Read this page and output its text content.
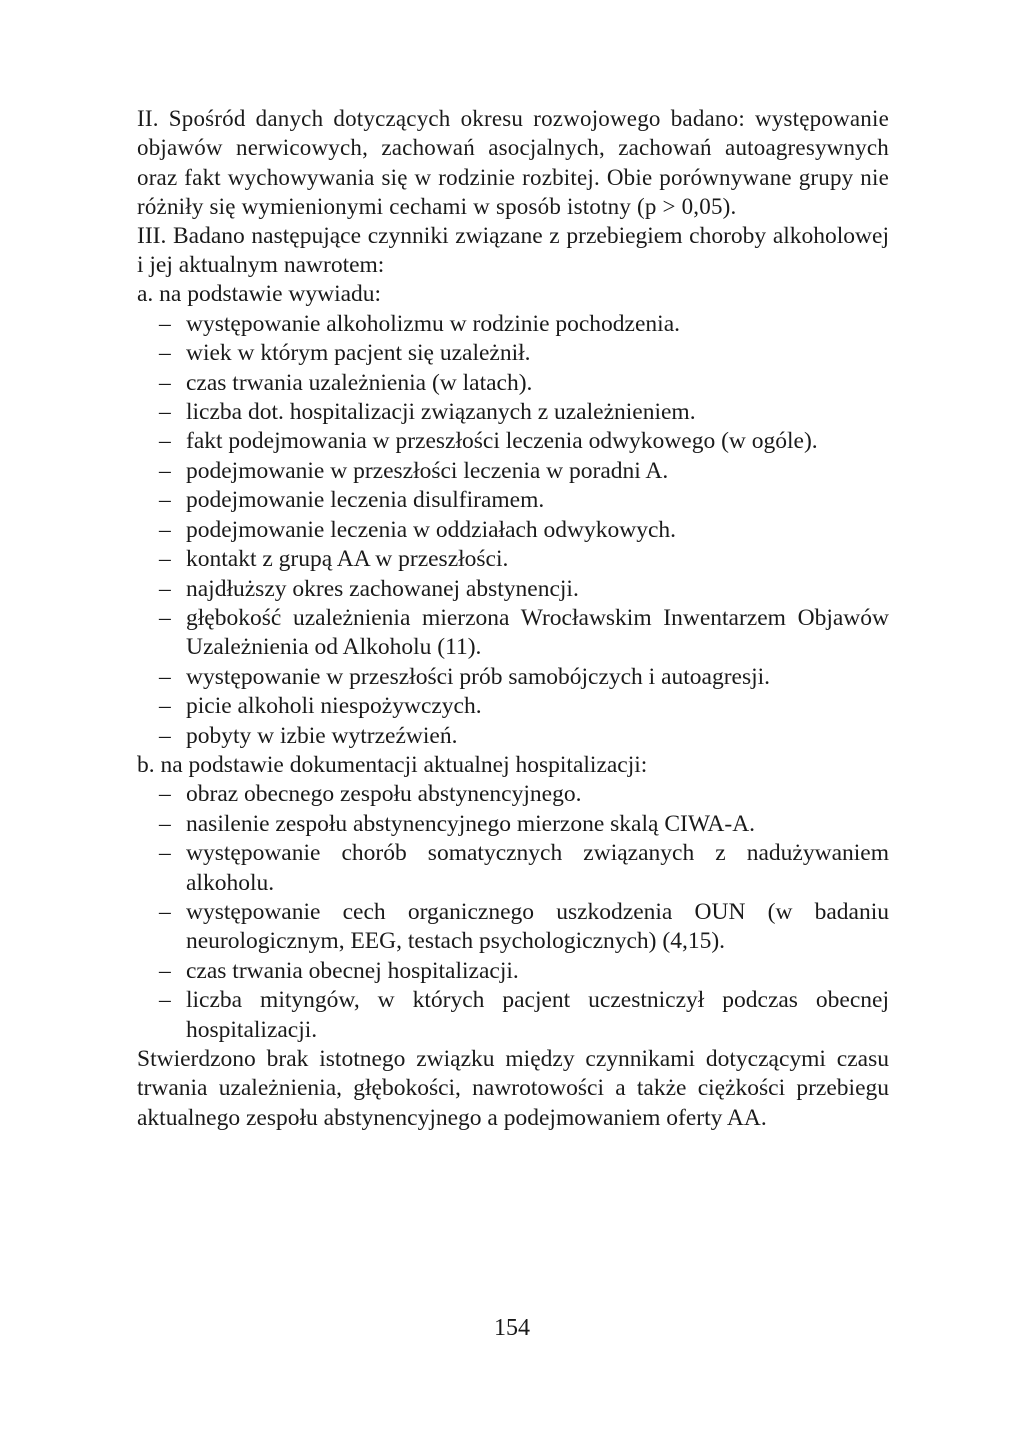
II. Spośród danych dotyczących okresu rozwojowego badano: występowanie objawów nerwicowych, zachowań asocjalnych, zachowań autoagresywnych oraz fakt wychowywania się w rodzinie rozbitej. Obie porównywane grupy nie różniły się wymienionymi cechami w sposób istotny (p > 0,05).

III. Badano następujące czynniki związane z przebiegiem choroby alkoholowej i jej aktualnym nawrotem:

a. na podstawie wywiadu:

– występowanie alkoholizmu w rodzinie pochodzenia.
– wiek w którym pacjent się uzależnił.
– czas trwania uzależnienia (w latach).
– liczba dot. hospitalizacji związanych z uzależnieniem.
– fakt podejmowania w przeszłości leczenia odwykowego (w ogóle).
– podejmowanie w przeszłości leczenia w poradni A.
– podejmowanie leczenia disulfiramem.
– podejmowanie leczenia w oddziałach odwykowych.
– kontakt z grupą AA w przeszłości.
– najdłuższy okres zachowanej abstynencji.
– głębokość uzależnienia mierzona Wrocławskim Inwentarzem Objawów Uzależnienia od Alkoholu (11).
– występowanie w przeszłości prób samobójczych i autoagresji.
– picie alkoholi niespożywczych.
– pobyty w izbie wytrzeźwień.

b. na podstawie dokumentacji aktualnej hospitalizacji:

– obraz obecnego zespołu abstynencyjnego.
– nasilenie zespołu abstynencyjnego mierzone skalą CIWA-A.
– występowanie chorób somatycznych związanych z nadużywaniem alkoholu.
– występowanie cech organicznego uszkodzenia OUN (w badaniu neurologicznym, EEG, testach psychologicznych) (4,15).
– czas trwania obecnej hospitalizacji.
– liczba mityngów, w których pacjent uczestniczył podczas obecnej hospitalizacji.

Stwierdzono brak istotnego związku między czynnikami dotyczącymi czasu trwania uzależnienia, głębokości, nawrotowości a także ciężkości przebiegu aktualnego zespołu abstynencyjnego a podejmowaniem oferty AA.

154
